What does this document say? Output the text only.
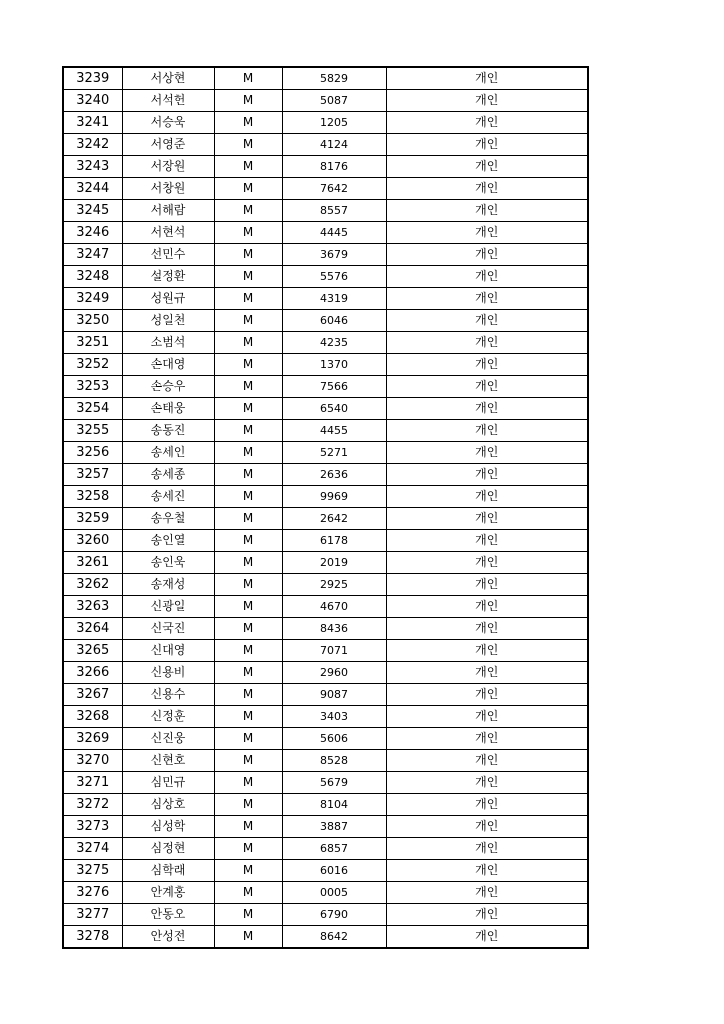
3239	서상현	M	5829	개인
3240	서석헌	M	5087	개인
3241	서승욱	M	1205	개인
3242	서영준	M	4124	개인
3243	서장원	M	8176	개인
3244	서창원	M	7642	개인
3245	서해람	M	8557	개인
3246	서현석	M	4445	개인
3247	선민수	M	3679	개인
3248	설정환	M	5576	개인
3249	성원규	M	4319	개인
3250	성일천	M	6046	개인
3251	소범석	M	4235	개인
3252	손대영	M	1370	개인
3253	손승우	M	7566	개인
3254	손태웅	M	6540	개인
3255	송동진	M	4455	개인
3256	송세인	M	5271	개인
3257	송세종	M	2636	개인
3258	송세진	M	9969	개인
3259	송우철	M	2642	개인
3260	송인열	M	6178	개인
3261	송인욱	M	2019	개인
3262	송재성	M	2925	개인
3263	신광일	M	4670	개인
3264	신국진	M	8436	개인
3265	신대영	M	7071	개인
3266	신용비	M	2960	개인
3267	신용수	M	9087	개인
3268	신정훈	M	3403	개인
3269	신진웅	M	5606	개인
3270	신현호	M	8528	개인
3271	심민규	M	5679	개인
3272	심상호	M	8104	개인
3273	심성학	M	3887	개인
3274	심정현	M	6857	개인
3275	심학래	M	6016	개인
3276	안계홍	M	0005	개인
3277	안동오	M	6790	개인
3278	안성전	M	8642	개인
